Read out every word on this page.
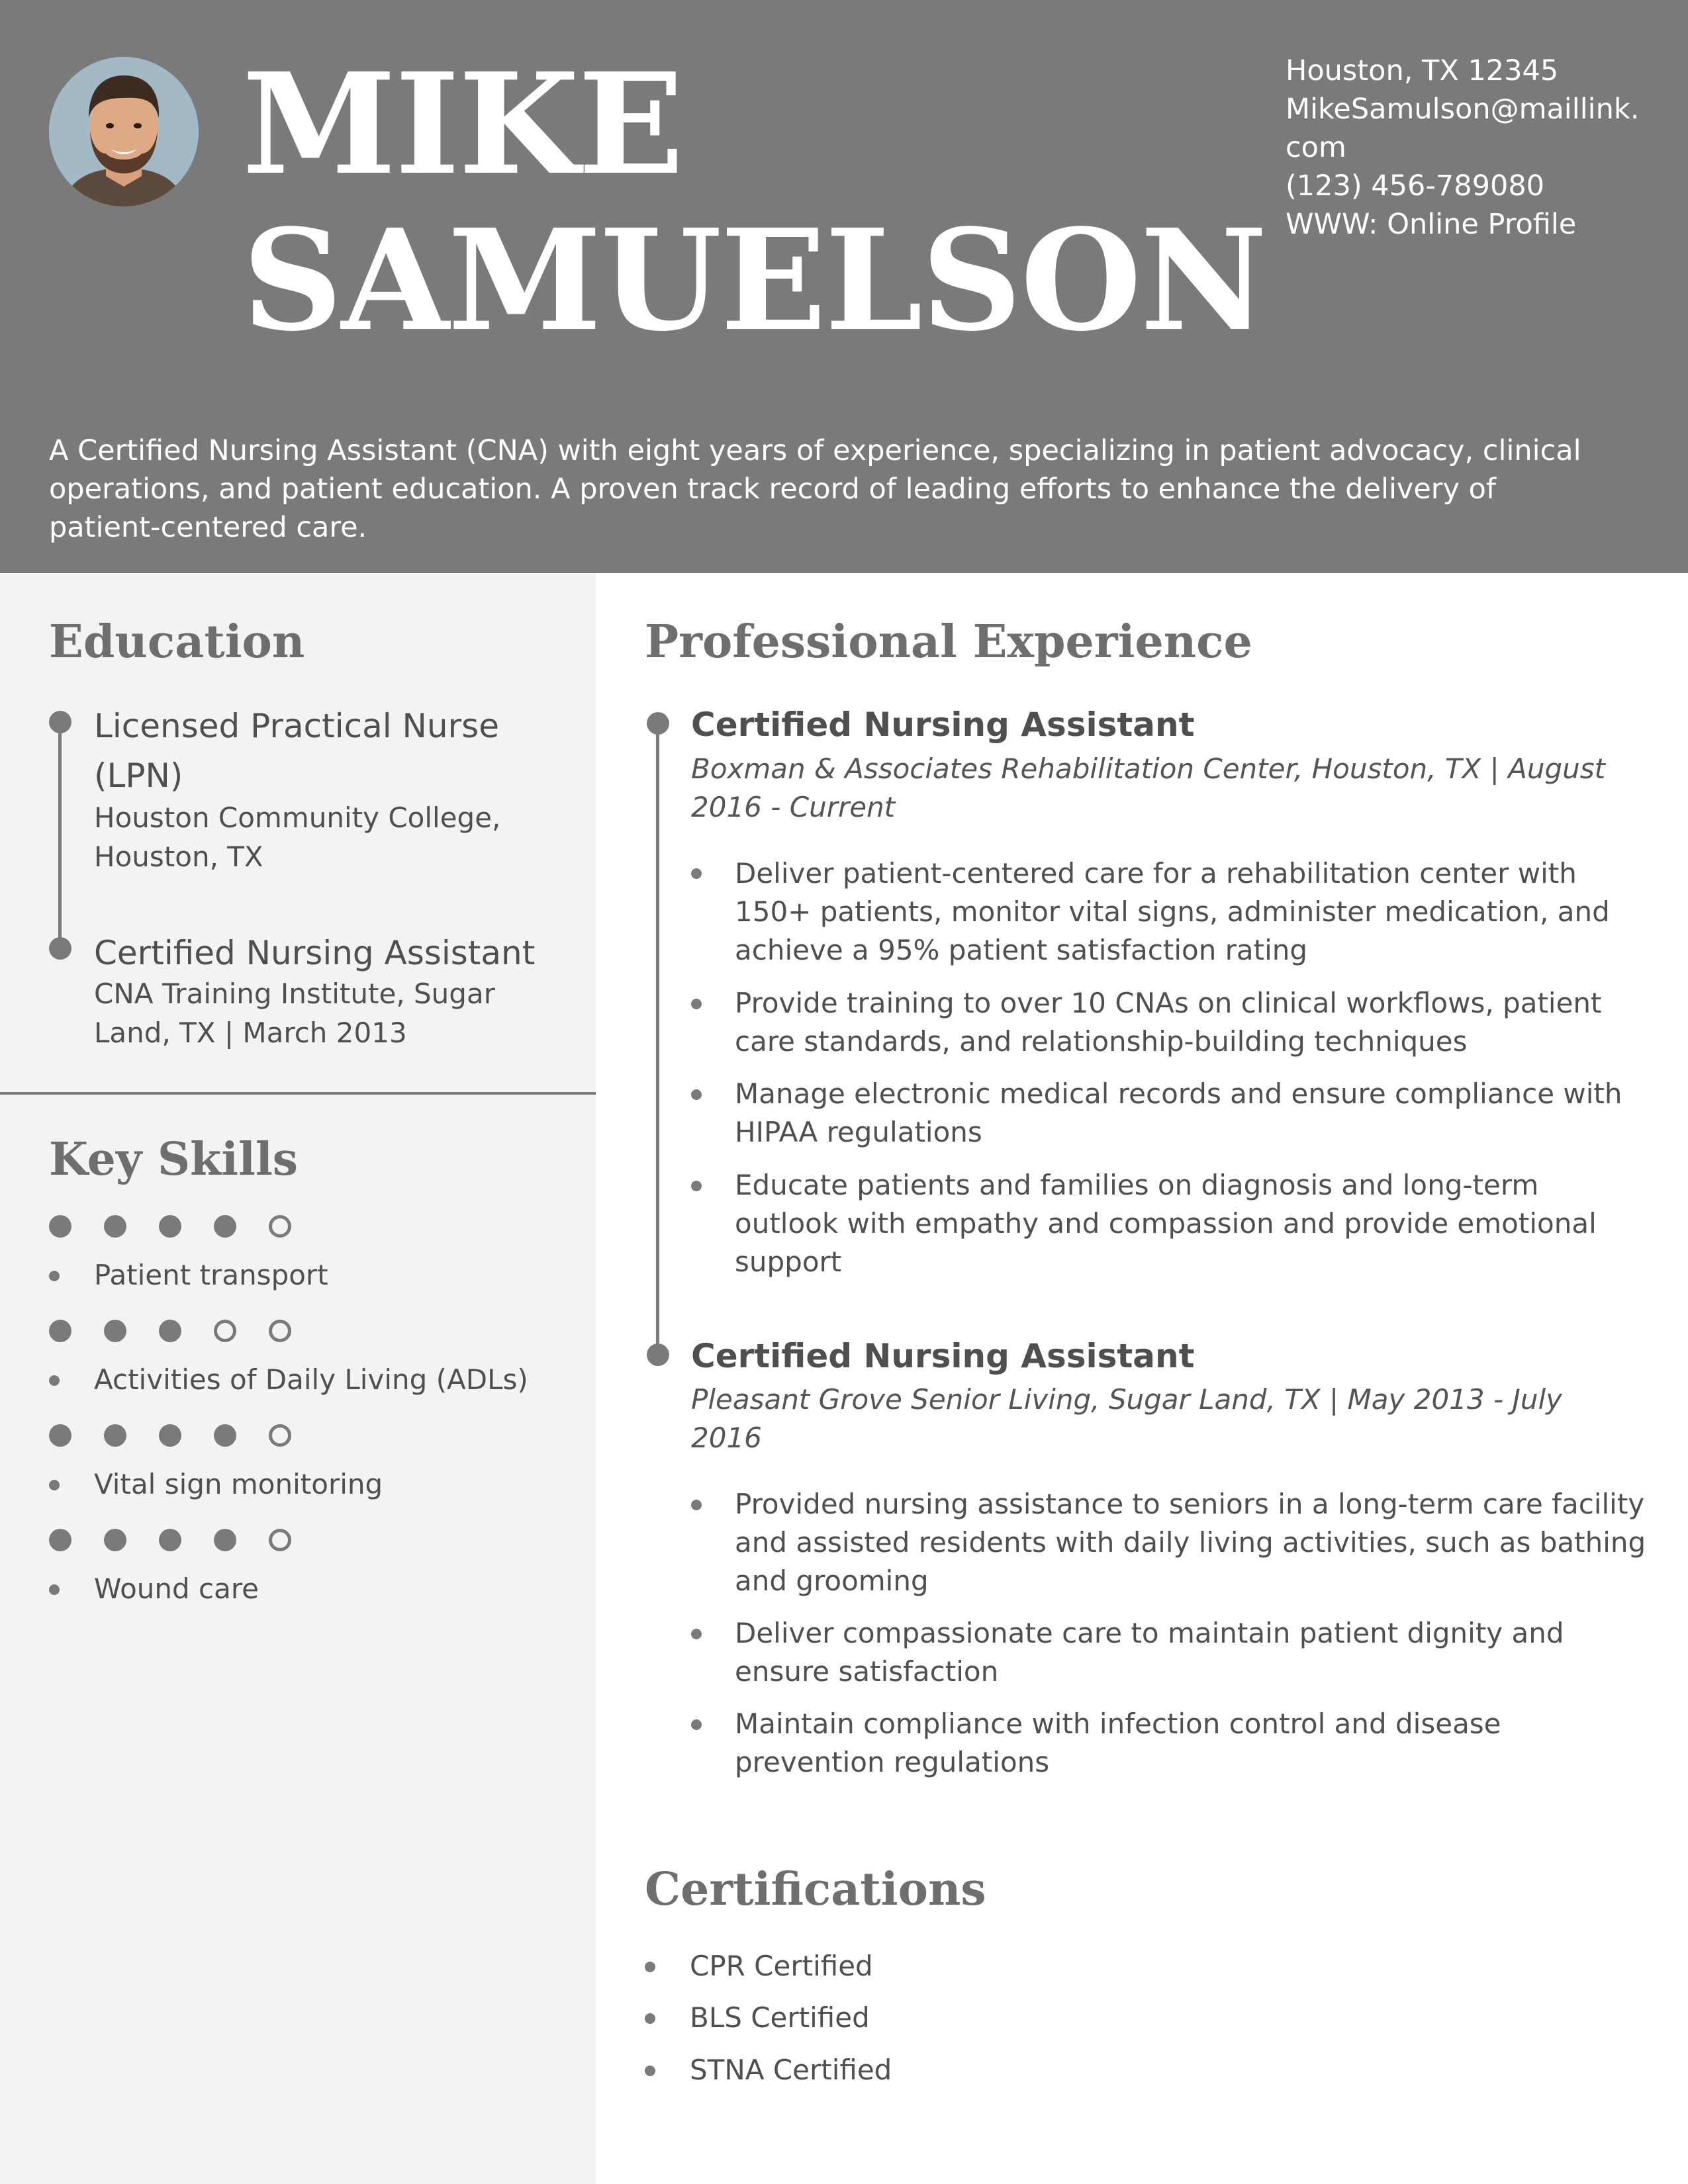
MIKE
SAMUELSON
Houston, TX 12345
MikeSamulson@maillink.
com
(123) 456-789080
WWW: Online Profile
A Certified Nursing Assistant (CNA) with eight years of experience, specializing in patient advocacy, clinical operations, and patient education. A proven track record of leading efforts to enhance the delivery of patient-centered care.
Education
Licensed Practical Nurse (LPN)
Houston Community College, Houston, TX
Certified Nursing Assistant
CNA Training Institute, Sugar Land, TX | March 2013
Key Skills
Patient transport
Activities of Daily Living (ADLs)
Vital sign monitoring
Wound care
Professional Experience
Certified Nursing Assistant
Boxman & Associates Rehabilitation Center, Houston, TX | August 2016 - Current
Deliver patient-centered care for a rehabilitation center with 150+ patients, monitor vital signs, administer medication, and achieve a 95% patient satisfaction rating
Provide training to over 10 CNAs on clinical workflows, patient care standards, and relationship-building techniques
Manage electronic medical records and ensure compliance with HIPAA regulations
Educate patients and families on diagnosis and long-term outlook with empathy and compassion and provide emotional support
Certified Nursing Assistant
Pleasant Grove Senior Living, Sugar Land, TX | May 2013 - July 2016
Provided nursing assistance to seniors in a long-term care facility and assisted residents with daily living activities, such as bathing and grooming
Deliver compassionate care to maintain patient dignity and ensure satisfaction
Maintain compliance with infection control and disease prevention regulations
Certifications
CPR Certified
BLS Certified
STNA Certified
